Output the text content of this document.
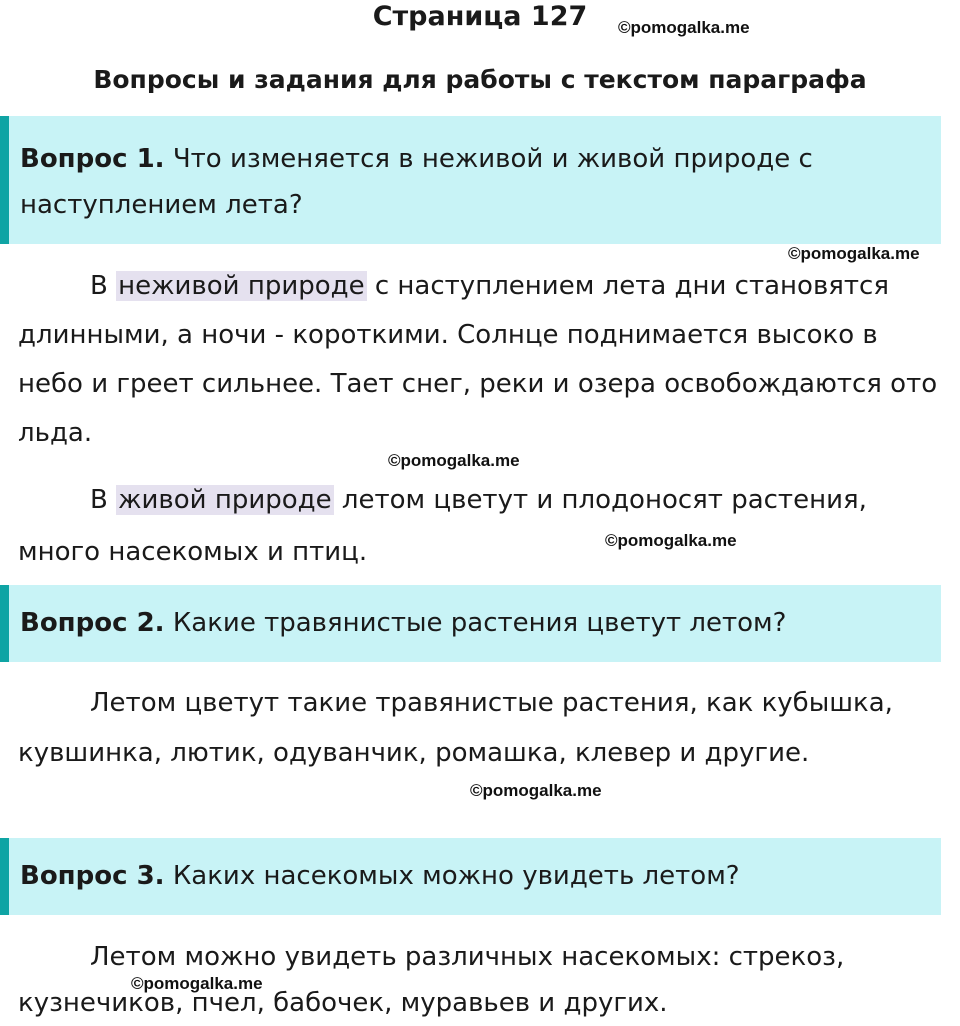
Страница 127	©pomogalka.me
Вопросы и задания для работы с текстом параграфа
Вопрос 1. Что изменяется в неживой и живой природе с наступлением лета?
©pomogalka.me

В неживой природе с наступлением лета дни становятся длинными, а ночи - короткими. Солнце поднимается высоко в небо и греет сильнее. Тает снег, реки и озера освобождаются ото льда.

©pomogalka.me

В живой природе летом цветут и плодоносят растения, много насекомых и птиц.	©pomogalka.me
Вопрос 2. Какие травянистые растения цветут летом?

Летом цветут такие травянистые растения, как кубышка, кувшинка, лютик, одуванчик, ромашка, клевер и другие.

©pomogalka.me
Вопрос 3. Каких насекомых можно увидеть летом?

Летом можно увидеть различных насекомых: стрекоз, кузнечиков, пчел, бабочек, муравьев и других.

©pomogalka.me
